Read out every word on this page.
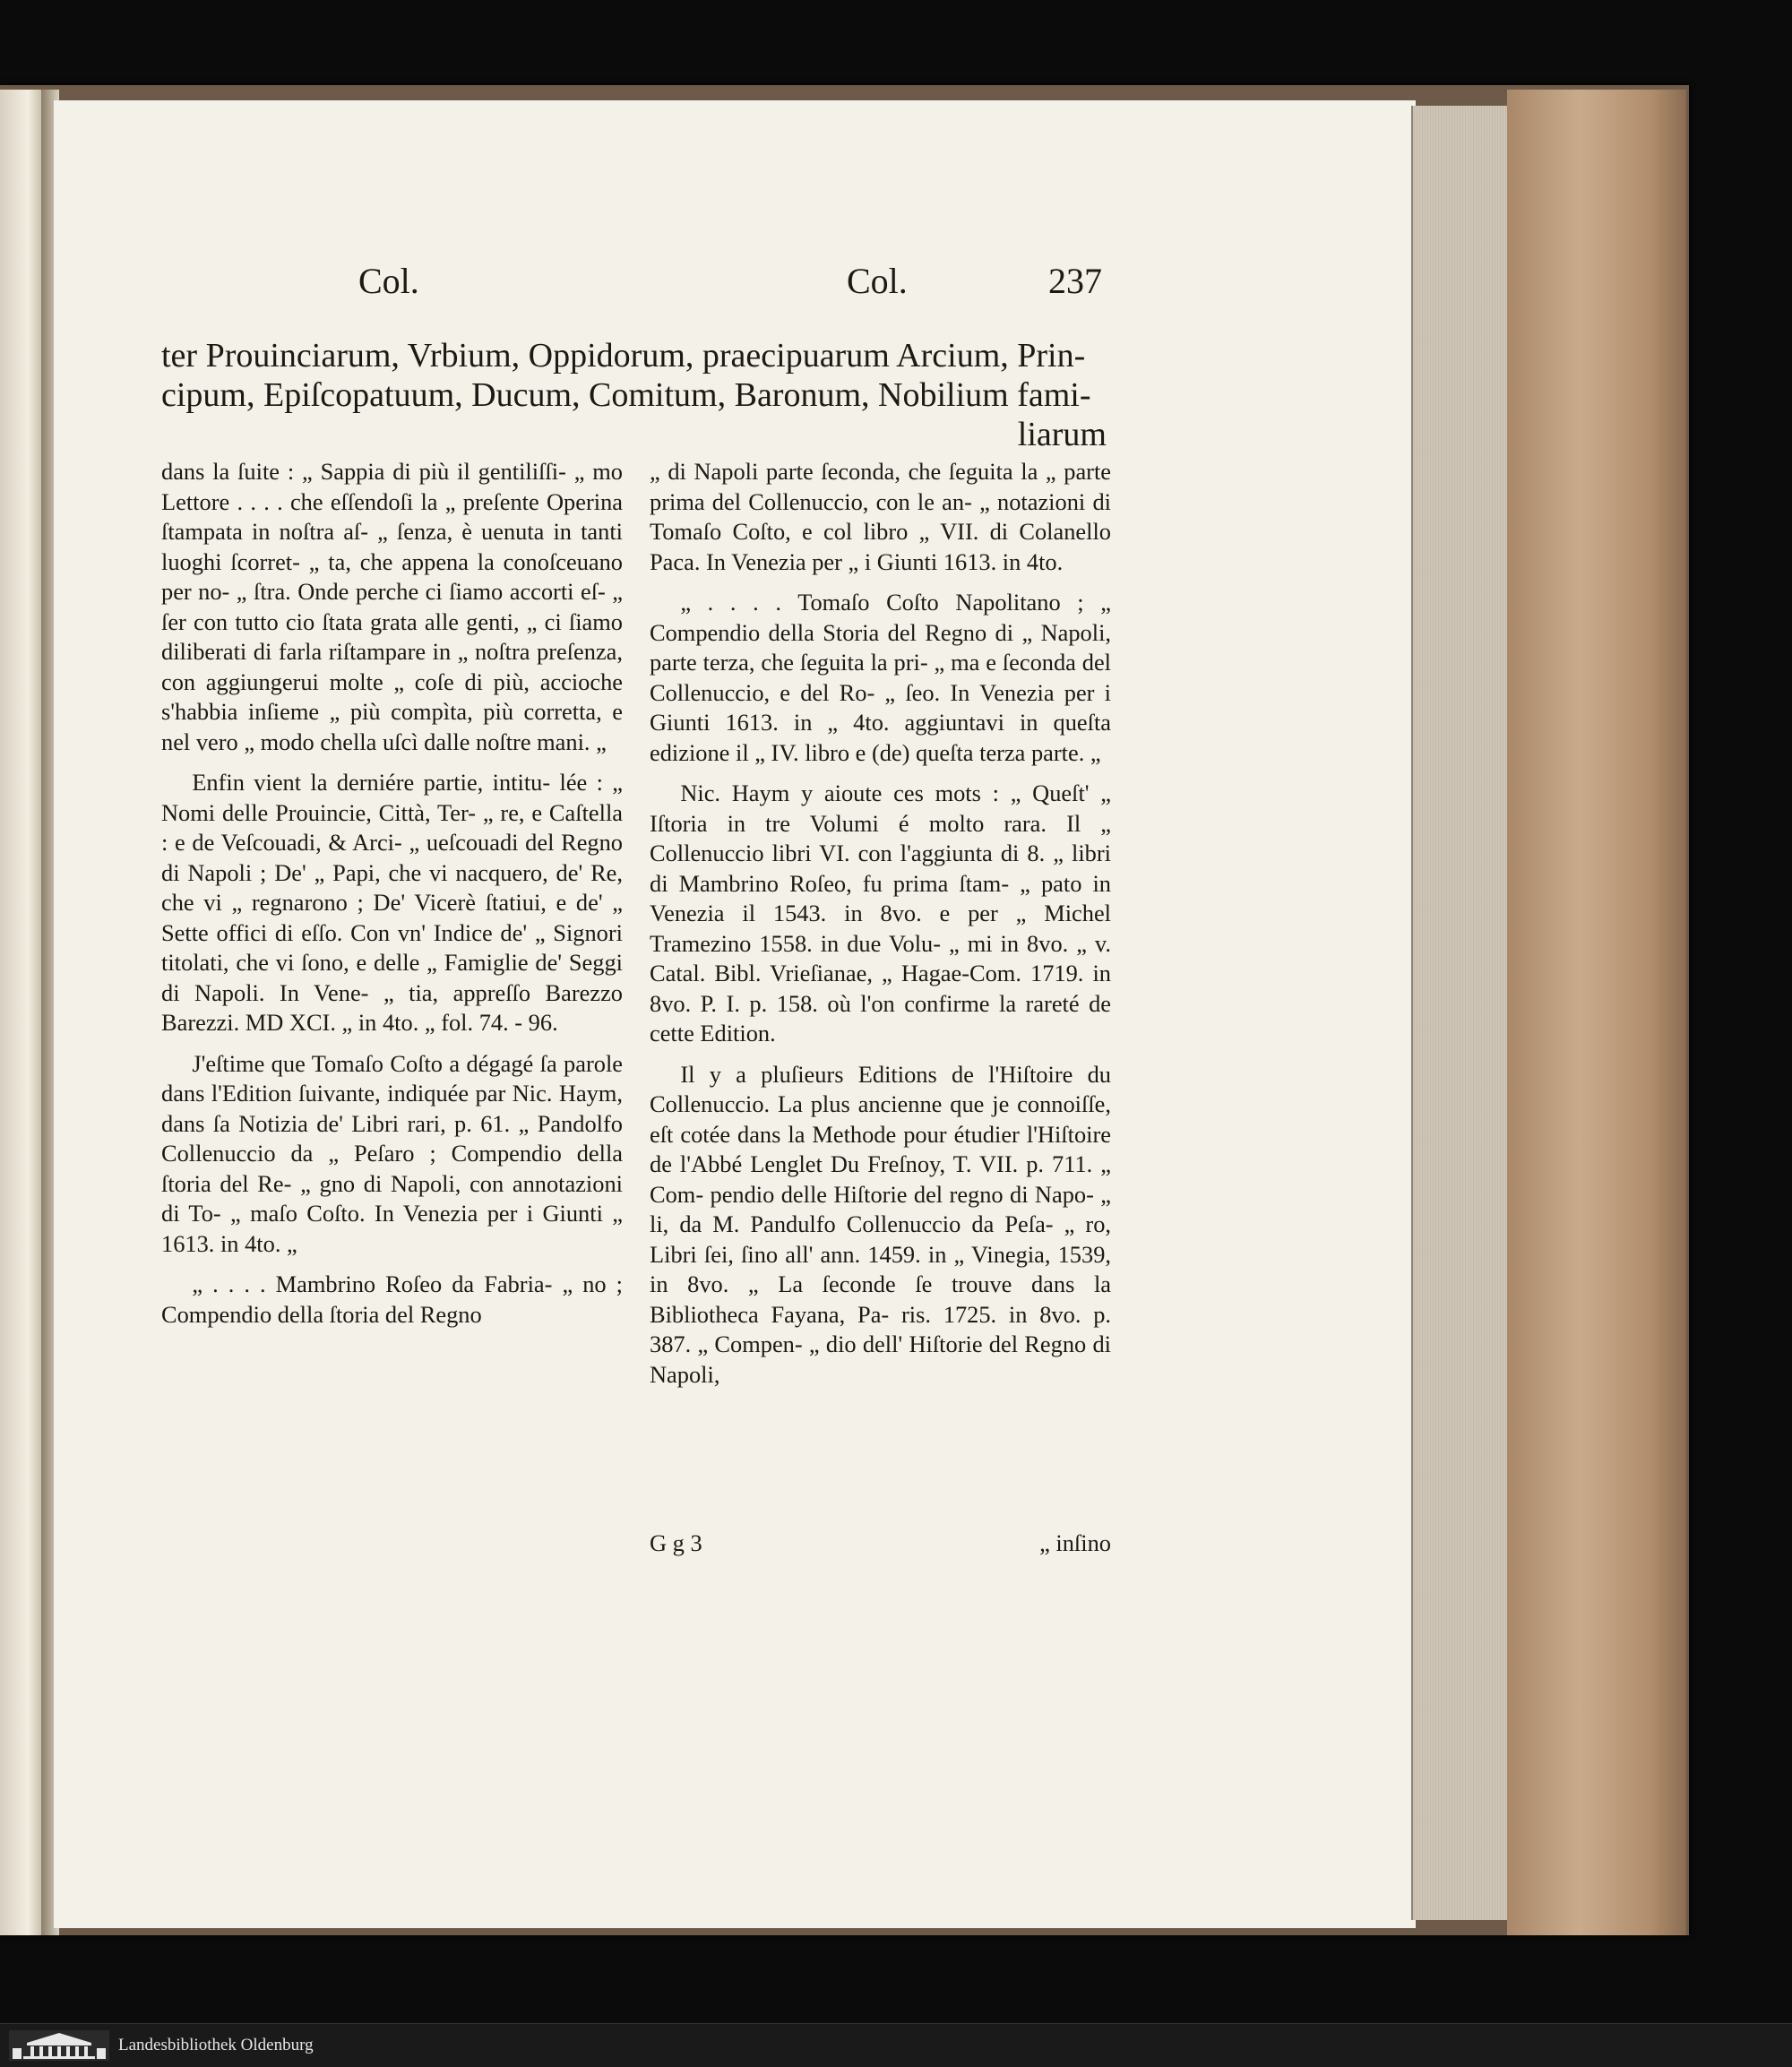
Col.	Col.	237
ter Prouinciarum, Vrbium, Oppidorum, praecipuarum Arcium, Prin-
cipum, Epiſcopatuum, Ducum, Comitum, Baronum, Nobilium fami-
liarum

dans la ſuite : „ Sappia di più il gentiliſſi- „ mo Lettore . . . . che eſſendoſi la „ preſente Operina ſtampata in noſtra aſ- „ ſenza, è uenuta in tanti luoghi ſcorret- „ ta, che appena la conoſceuano per no- „ ſtra. Onde perche ci ſiamo accorti eſ- „ ſer con tutto cio ſtata grata alle genti, „ ci ſiamo diliberati di farla riſtampare in „ noſtra preſenza, con aggiungerui molte „ coſe di più, accioche s'habbia inſieme „ più compìta, più corretta, e nel vero „ modo chella uſcì dalle noſtre mani. „

Enfin vient la derniére partie, intitu- lée : „ Nomi delle Prouincie, Città, Ter- „ re, e Caſtella : e de Veſcouadi, & Arci- „ ueſcouadi del Regno di Napoli ; De' „ Papi, che vi nacquero, de' Re, che vi „ regnarono ; De' Vicerè ſtatiui, e de' „ Sette offici di eſſo. Con vn' Indice de' „ Signori titolati, che vi ſono, e delle „ Famiglie de' Seggi di Napoli. In Vene- „ tia, appreſſo Barezzo Barezzi. MD XCI. „ in 4to. „ fol. 74. - 96.

J'eſtime que Tomaſo Coſto a dégagé ſa parole dans l'Edition ſuivante, indiquée par Nic. Haym, dans ſa Notizia de' Libri rari, p. 61. „ Pandolfo Collenuccio da „ Peſaro ; Compendio della ſtoria del Re- „ gno di Napoli, con annotazioni di To- „ maſo Coſto. In Venezia per i Giunti „ 1613. in 4to. „

„ . . . . Mambrino Roſeo da Fabria- „ no ; Compendio della ſtoria del Regno

„ di Napoli parte ſeconda, che ſeguita la „ parte prima del Collenuccio, con le an- „ notazioni di Tomaſo Coſto, e col libro „ VII. di Colanello Paca. In Venezia per „ i Giunti 1613. in 4to.

„ . . . . Tomaſo Coſto Napolitano ; „ Compendio della Storia del Regno di „ Napoli, parte terza, che ſeguita la pri- „ ma e ſeconda del Collenuccio, e del Ro- „ ſeo. In Venezia per i Giunti 1613. in „ 4to. aggiuntavi in queſta edizione il „ IV. libro e (de) queſta terza parte. „

Nic. Haym y aioute ces mots : „ Queſt' „ Iſtoria in tre Volumi é molto rara. Il „ Collenuccio libri VI. con l'aggiunta di 8. „ libri di Mambrino Roſeo, fu prima ſtam- „ pato in Venezia il 1543. in 8vo. e per „ Michel Tramezino 1558. in due Volu- „ mi in 8vo. „ v. Catal. Bibl. Vrieſianae, „ Hagae-Com. 1719. in 8vo. P. I. p. 158. où l'on confirme la rareté de cette Edition.

Il y a pluſieurs Editions de l'Hiſtoire du Collenuccio. La plus ancienne que je connoiſſe, eſt cotée dans la Methode pour étudier l'Hiſtoire de l'Abbé Lenglet Du Freſnoy, T. VII. p. 711. „ Com- pendio delle Hiſtorie del regno di Napo- „ li, da M. Pandulfo Collenuccio da Peſa- „ ro, Libri ſei, ſino all' ann. 1459. in „ Vinegia, 1539, in 8vo. „ La ſeconde ſe trouve dans la Bibliotheca Fayana, Pa- ris. 1725. in 8vo. p. 387. „ Compen- „ dio dell' Hiſtorie del Regno di Napoli,

G g 3	„ inſino
Landesbibliothek Oldenburg
